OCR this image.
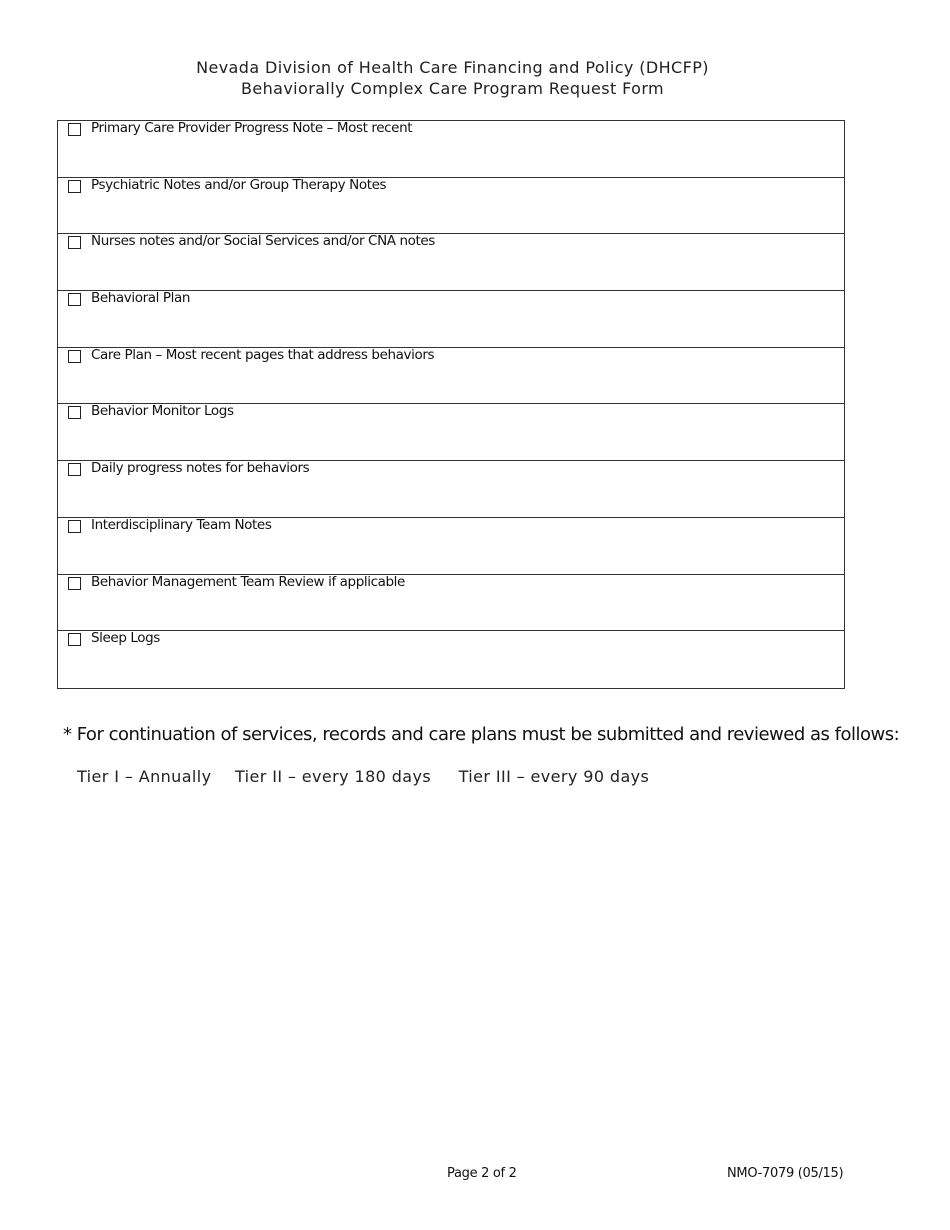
Nevada Division of Health Care Financing and Policy (DHCFP)
Behaviorally Complex Care Program Request Form
Primary Care Provider Progress Note – Most recent
Psychiatric Notes and/or Group Therapy Notes
Nurses notes and/or Social Services and/or CNA notes
Behavioral Plan
Care Plan – Most recent pages that address behaviors
Behavior Monitor Logs
Daily progress notes for behaviors
Interdisciplinary Team Notes
Behavior Management Team Review if applicable
Sleep Logs
* For continuation of services, records and care plans must be submitted and reviewed as follows:
Tier I – Annually Tier II – every 180 days Tier III – every 90 days
Page 2 of 2	NMO-7079 (05/15)
